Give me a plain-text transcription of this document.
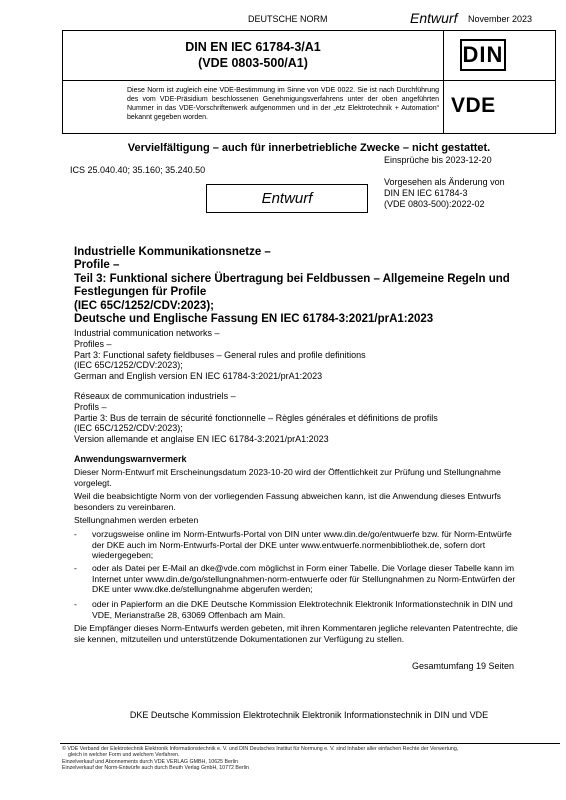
DEUTSCHE NORM	Entwurf November 2023
DIN EN IEC 61784-3/A1
(VDE 0803-500/A1)
Diese Norm ist zugleich eine VDE-Bestimmung im Sinne von VDE 0022. Sie ist nach Durchführung des vom VDE-Präsidium beschlossenen Genehmigungsverfahrens unter der oben angeführten Nummer in das VDE-Vorschriftenwerk aufgenommen und in der „etz Elektrotechnik + Automation“ bekannt gegeben worden.
DIN
VDE
Vervielfältigung – auch für innerbetriebliche Zwecke – nicht gestattet.
ICS 25.040.40; 35.160; 35.240.50
Einsprüche bis 2023-12-20
Vorgesehen als Änderung von
DIN EN IEC 61784-3
(VDE 0803-500):2022-02
Entwurf
Industrielle Kommunikationsnetze –
Profile –
Teil 3: Funktional sichere Übertragung bei Feldbussen – Allgemeine Regeln und
Festlegungen für Profile
(IEC 65C/1252/CDV:2023);
Deutsche und Englische Fassung EN IEC 61784-3:2021/prA1:2023
Industrial communication networks –
Profiles –
Part 3: Functional safety fieldbuses – General rules and profile definitions
(IEC 65C/1252/CDV:2023);
German and English version EN IEC 61784-3:2021/prA1:2023
Réseaux de communication industriels –
Profils –
Partie 3: Bus de terrain de sécurité fonctionnelle – Règles générales et définitions de profils
(IEC 65C/1252/CDV:2023);
Version allemande et anglaise EN IEC 61784-3:2021/prA1:2023
Anwendungswarnvermerk
Dieser Norm-Entwurf mit Erscheinungsdatum 2023-10-20 wird der Öffentlichkeit zur Prüfung und Stellungnahme vorgelegt.
Weil die beabsichtigte Norm von der vorliegenden Fassung abweichen kann, ist die Anwendung dieses Entwurfs besonders zu vereinbaren.
Stellungnahmen werden erbeten
- vorzugsweise online im Norm-Entwurfs-Portal von DIN unter www.din.de/go/entwuerfe bzw. für Norm-Entwürfe der DKE auch im Norm-Entwurfs-Portal der DKE unter www.entwuerfe.normenbibliothek.de, sofern dort wiedergegeben;
- oder als Datei per E-Mail an dke@vde.com möglichst in Form einer Tabelle. Die Vorlage dieser Tabelle kann im Internet unter www.din.de/go/stellungnahmen-norm-entwuerfe oder für Stellungnahmen zu Norm-Entwürfen der DKE unter www.dke.de/stellungnahme abgerufen werden;
- oder in Papierform an die DKE Deutsche Kommission Elektrotechnik Elektronik Informationstechnik in DIN und VDE, Merianstraße 28, 63069 Offenbach am Main.
Die Empfänger dieses Norm-Entwurfs werden gebeten, mit ihren Kommentaren jegliche relevanten Patentrechte, die sie kennen, mitzuteilen und unterstützende Dokumentationen zur Verfügung zu stellen.
Gesamtumfang 19 Seiten
DKE Deutsche Kommission Elektrotechnik Elektronik Informationstechnik in DIN und VDE
© VDE Verband der Elektrotechnik Elektronik Informationstechnik e. V. und DIN Deutsches Institut für Normung e. V. sind Inhaber aller einfachen Rechte der Verwertung,
gleich in welcher Form und welchem Verfahren.
Einzelverkauf und Abonnements durch VDE VERLAG GMBH, 10625 Berlin
Einzelverkauf der Norm-Entwürfe auch durch Beuth Verlag GmbH, 10772 Berlin
